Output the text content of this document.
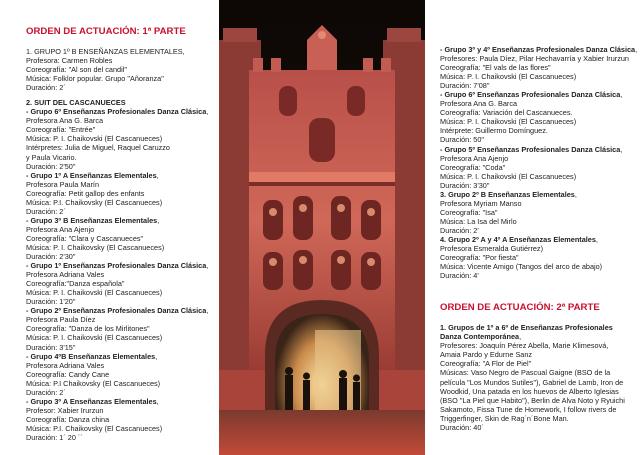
ORDEN DE ACTUACIÓN: 1ª PARTE
1. GRUPO 1º B ENSEÑANZAS ELEMENTALES,
Profesora: Carmen Robles
Coreografía: "Al son del candil"
Música: Folklor popular. Grupo "Añoranza"
Duración: 2´
2. SUIT DEL CASCANUECES
- Grupo 6º Enseñanzas Profesionales Danza Clásica,
Profesora Ana G. Barca
Coreografía: "Entrée"
Música: P. I. Chaikovski (El Cascanueces)
Intérpretes: Julia de Miguel, Raquel Caruzzo
y Paula Vicario.
Duración: 2'50"
- Grupo 1º A Enseñanzas Elementales,
Profesora Paula Marín
Coreografía: Petit gallop des enfants
Música: P.I. Chaikovsky (El Cascanueces)
Duración: 2´
- Grupo 3º B Enseñanzas Elementales,
Profesora Ana Ajenjo
Coreografía: "Clara y Cascanueces"
Música: P. I. Chaikovsky (El Cascanueces)
Duración: 2'30"
- Grupo 1º Enseñanzas Profesionales Danza Clásica,
Profesora Adriana Vales
Coreografía:"Danza española"
Música: P. I. Chaikovski (El Cascanueces)
Duración: 1'20"
- Grupo 2º Enseñanzas Profesionales Danza Clásica,
Profesora Paula Díez
Coreografía: "Danza de los Mirlitones"
Música: P. I. Chaikovski (El Cascanueces)
Duración: 3'15"
- Grupo 4ºB Enseñanzas Elementales,
Profesora Adriana Vales
Coreografía: Candy Cane
Música: P.I Chaikovsky (El Cascanueces)
Duración: 2´
- Grupo 3º A Enseñanzas Elementales,
Profesor: Xabier Irurzun
Coreografía: Danza china
Música: P.I. Chaikovsky (El Cascanueces)
Duración: 1´ 20 ´´
- Grupo 3º y 4º Enseñanzas Profesionales Danza Clásica,
Profesores: Paula Díez, Pilar Hechavarría y Xabier Irurzun
Coreografía: "El vals de las flores"
Música: P. I. Chaikovski (El Cascanueces)
Duración: 7'08"
- Grupo 6º Enseñanzas Profesionales Danza Clásica,
Profesora Ana G. Barca
Coreografía: Variación del Cascanueces.
Música: P. I. Chaikovski (El Cascanueces)
Intérprete: Guillermo Domínguez.
Duración: 50"
- Grupo 5º Enseñanzas Profesionales Danza Clásica,
Profesora Ana Ajenjo
Coreografía: "Coda"
Música: P. I. Chaikovski (El Cascanueces)
Duración: 3'30"
3. Grupo 2º B Enseñanzas Elementales,
Profesora Myriam Manso
Coreografía: "Isa"
Música: La Isa del Mirlo
Duración: 2'
4. Grupo 2º A y 4º A Enseñanzas Elementales,
Profesora Esmeralda Gutiérrez)
Coreografía: "Por fiesta"
Música: Vicente Amigo (Tangos del arco de abajo)
Duración: 4'
ORDEN DE ACTUACIÓN: 2ª PARTE
1. Grupos de 1º a 6º de Enseñanzas Profesionales
Danza Contemporánea,
Profesores: Joaquín Pérez Abella, Marie Klimesová,
Amaia Pardo y Edurne Sanz
Coreografía: "A Flor de Piel"
Músicas: Vaso Negro de Pascual Gaigne (BSO de la
película "Los Mundos Sutiles"), Gabriel de Lamb, Iron de
Woodkid, Una patada en los huevos de Alberto Iglesias
(BSO "La Piel que Habito"), Berlin de Alva Noto y Ryuichi
Sakamoto, Fissa Tune de Homework, I follow rivers de
Triggerfinger, Skin de Rag´n´Bone Man.
Duración: 40´
